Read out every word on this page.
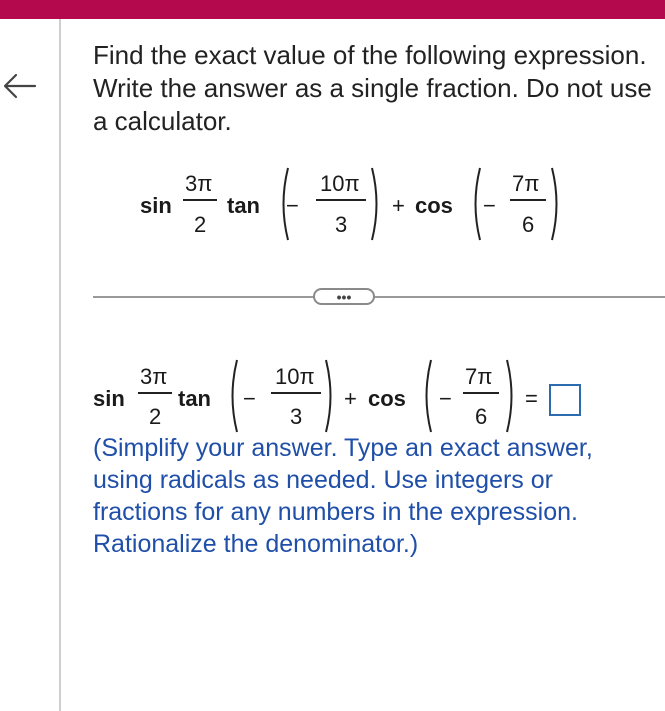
Find the exact value of the following expression. Write the answer as a single fraction. Do not use a calculator.
sin
3π
2
tan −
10π
3
+ cos −
7π
6
•••
sin
3π
2
tan −
10π
3
+ cos −
7π
6
=
(Simplify your answer. Type an exact answer, using radicals as needed. Use integers or fractions for any numbers in the expression. Rationalize the denominator.)
